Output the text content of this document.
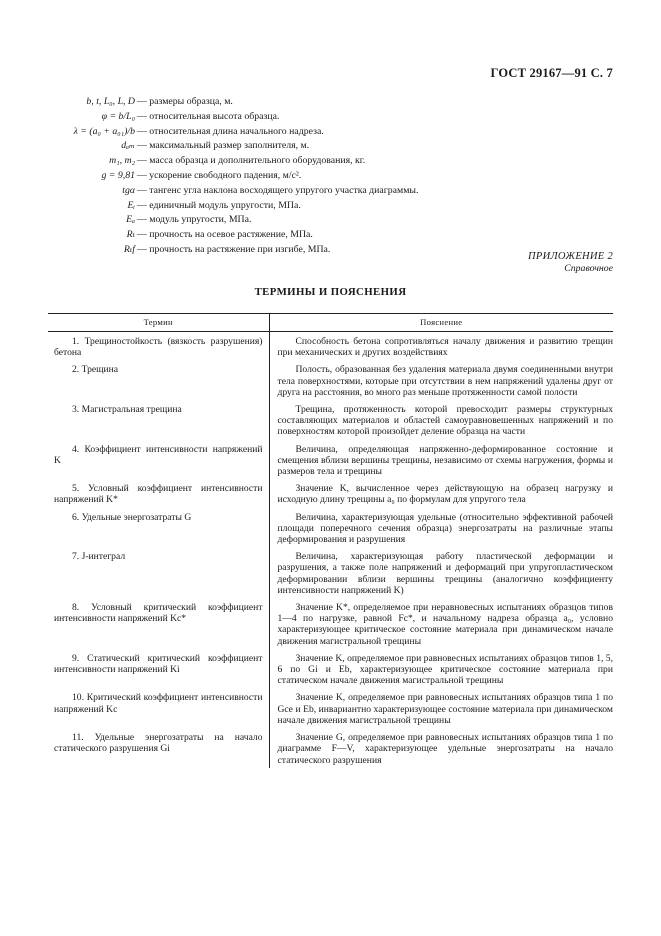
ГОСТ 29167—91 С. 7
b, t, L₀, L, D — размеры образца, м.
φ = b/L₀ — относительная высота образца.
λ = (a₀ + a₀₁)/b — относительная длина начального надреза.
dₐₘ — максимальный размер заполнителя, м.
m₁, m₂ — масса образца и дополнительного оборудования, кг.
g = 9,81 — ускорение свободного падения, м/с².
tgα — тангенс угла наклона восходящего упругого участка диаграммы.
Eᵢ — единичный модуль упругости, МПа.
Eₐ — модуль упругости, МПа.
Rₜ — прочность на осевое растяжение, МПа.
Rₜf — прочность на растяжение при изгибе, МПа.
ПРИЛОЖЕНИЕ 2
Справочное
ТЕРМИНЫ И ПОЯСНЕНИЯ
Термин	Пояснение
1. Трещиностойкость (вязкость разрушения) бетона	Способность бетона сопротивляться началу движения и развитию трещин при механических и других воздействиях
2. Трещина	Полость, образованная без удаления материала двумя соединенными внутри тела поверхностями, которые при отсутствии в нем напряжений удалены друг от друга на расстояния, во много раз меньше протяженности самой полости
3. Магистральная трещина	Трещина, протяженность которой превосходит размеры структурных составляющих материалов и областей самоуравновешенных напряжений и по поверхностям которой произойдет деление образца на части
4. Коэффициент интенсивности напряжений K	Величина, определяющая напряженно-деформированное состояние и смещения вблизи вершины трещины, независимо от схемы нагружения, формы и размеров тела и трещины
5. Условный коэффициент интенсивности напряжений K*	Значение K, вычисленное через действующую на образец нагрузку и исходную длину трещины a₀ по формулам для упругого тела
6. Удельные энергозатраты G	Величина, характеризующая удельные (относительно эффективной рабочей площади поперечного сечения образца) энергозатраты на различные этапы деформирования и разрушения
7. J-интеграл	Величина, характеризующая работу пластической деформации и разрушения, а также поле напряжений и деформаций при упругопластическом деформировании вблизи вершины трещины (аналогично коэффициенту интенсивности напряжений K)
8. Условный критический коэффициент интенсивности напряжений Kc*	Значение K*, определяемое при неравновесных испытаниях образцов типов 1—4 по нагрузке, равной Fc*, и начальному надреза образца a₀, условно характеризующее критическое состояние материала при динамическом начале движения магистральной трещины
9. Статический критический коэффициент интенсивности напряжений Ki	Значение K, определяемое при равновесных испытаниях образцов типов 1, 5, 6 по Gi и Eb, характеризующее критическое состояние материала при статическом начале движения магистральной трещины
10. Критический коэффициент интенсивности напряжений Kc	Значение K, определяемое при равновесных испытаниях образцов типа 1 по Gce и Eb, инвариантно характеризующее состояние материала при динамическом начале движения магистральной трещины
11. Удельные энергозатраты на начало статического разрушения Gi	Значение G, определяемое при равновесных испытаниях образцов типа 1 по диаграмме F—V, характеризующее удельные энергозатраты на начало статического разрушения
